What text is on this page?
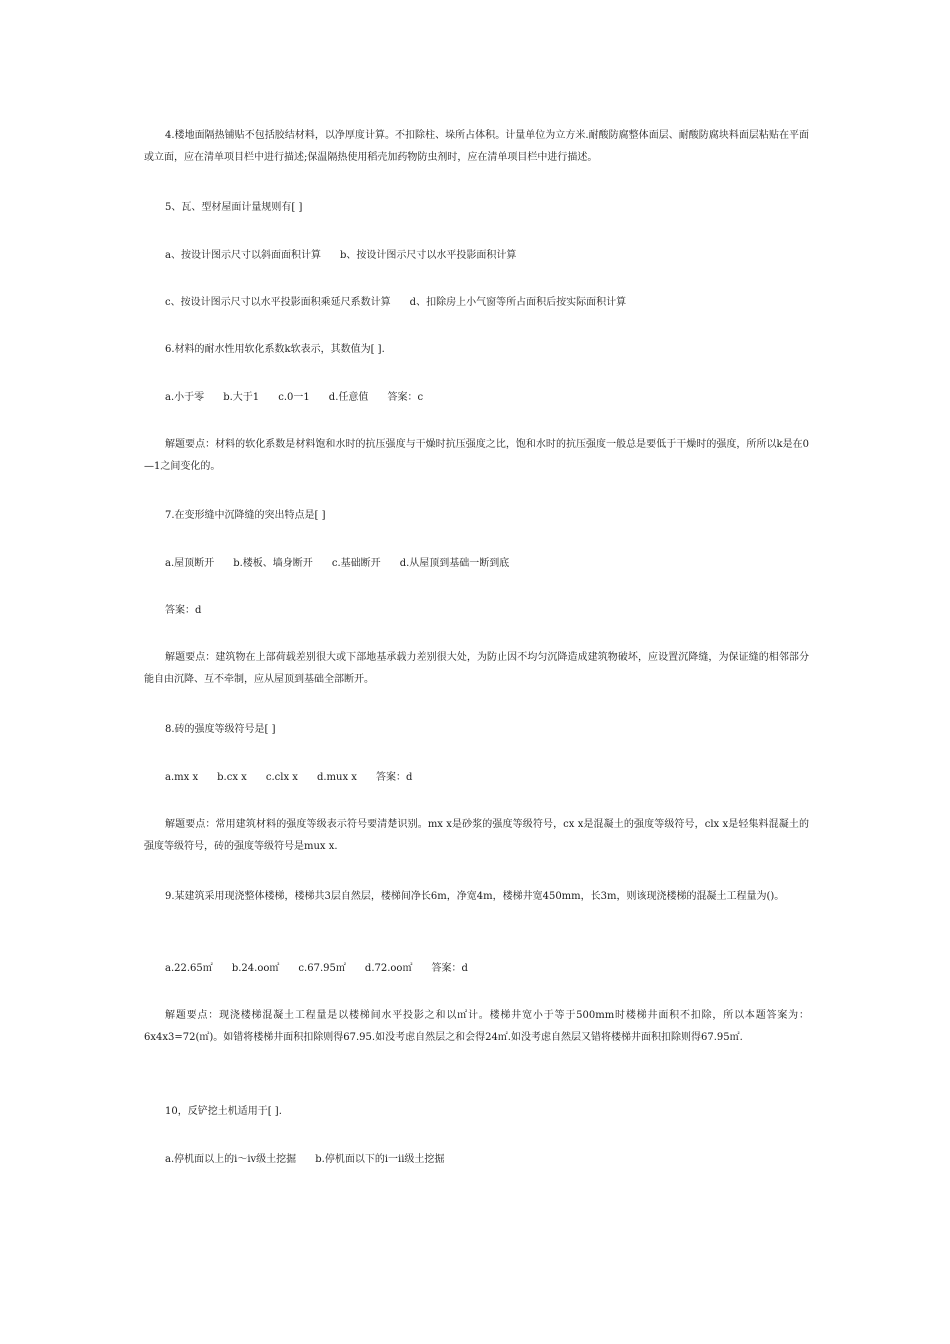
4.楼地面隔热铺贴不包括胶结材料，以净厚度计算。不扣除柱、垛所占体积。计量单位为立方米.耐酸防腐整体面层、耐酸防腐块料面层粘贴在平面或立面，应在清单项目栏中进行描述;保温隔热使用稻壳加药物防虫剂时，应在清单项目栏中进行描述。

5、瓦、型材屋面计量规则有[ ]

a、按设计图示尺寸以斜面面积计算      b、按设计图示尺寸以水平投影面积计算

c、按设计图示尺寸以水平投影面积乘延尺系数计算      d、扣除房上小气窗等所占面积后按实际面积计算

6.材料的耐水性用软化系数k软表示，其数值为[ ].

a.小于零      b.大于1      c.0一1      d.任意值      答案：c

解题要点：材料的软化系数是材料饱和水时的抗压强度与干燥时抗压强度之比，饱和水时的抗压强度一般总是要低于干燥时的强度，所所以k是在0—1之间变化的。

7.在变形缝中沉降缝的突出特点是[ ]

a.屋顶断开      b.楼板、墙身断开      c.基础断开      d.从屋顶到基础一断到底

答案：d

解题要点：建筑物在上部荷载差别很大或下部地基承载力差别很大处，为防止因不均匀沉降造成建筑物破坏，应设置沉降缝，为保证缝的相邻部分能自由沉降、互不牵制，应从屋顶到基础全部断开。

8.砖的强度等级符号是[ ]

a.mx x      b.cx x      c.clx x      d.mux x      答案：d

解题要点：常用建筑材料的强度等级表示符号要清楚识别。mx x是砂浆的强度等级符号，cx x是混凝土的强度等级符号，clx x是轻集料混凝土的强度等级符号，砖的强度等级符号是mux x.

9.某建筑采用现浇整体楼梯，楼梯共3层自然层，楼梯间净长6m，净宽4m，楼梯井宽450mm，长3m，则该现浇楼梯的混凝土工程量为()。

a.22.65㎡      b.24.oo㎡      c.67.95㎡      d.72.oo㎡      答案：d

解题要点：现浇楼梯混凝土工程量是以楼梯间水平投影之和以㎡计。楼梯井宽小于等于500mm时楼梯井面积不扣除，所以本题答案为：6x4x3=72(㎡)。如错将楼梯井面积扣除则得67.95.如没考虑自然层之和会得24㎡.如没考虑自然层又错将楼梯井面积扣除则得67.95㎡.

10，反铲挖土机适用于[ ].

a.停机面以上的i～iv级土挖掘      b.停机面以下的i一ii级土挖掘
